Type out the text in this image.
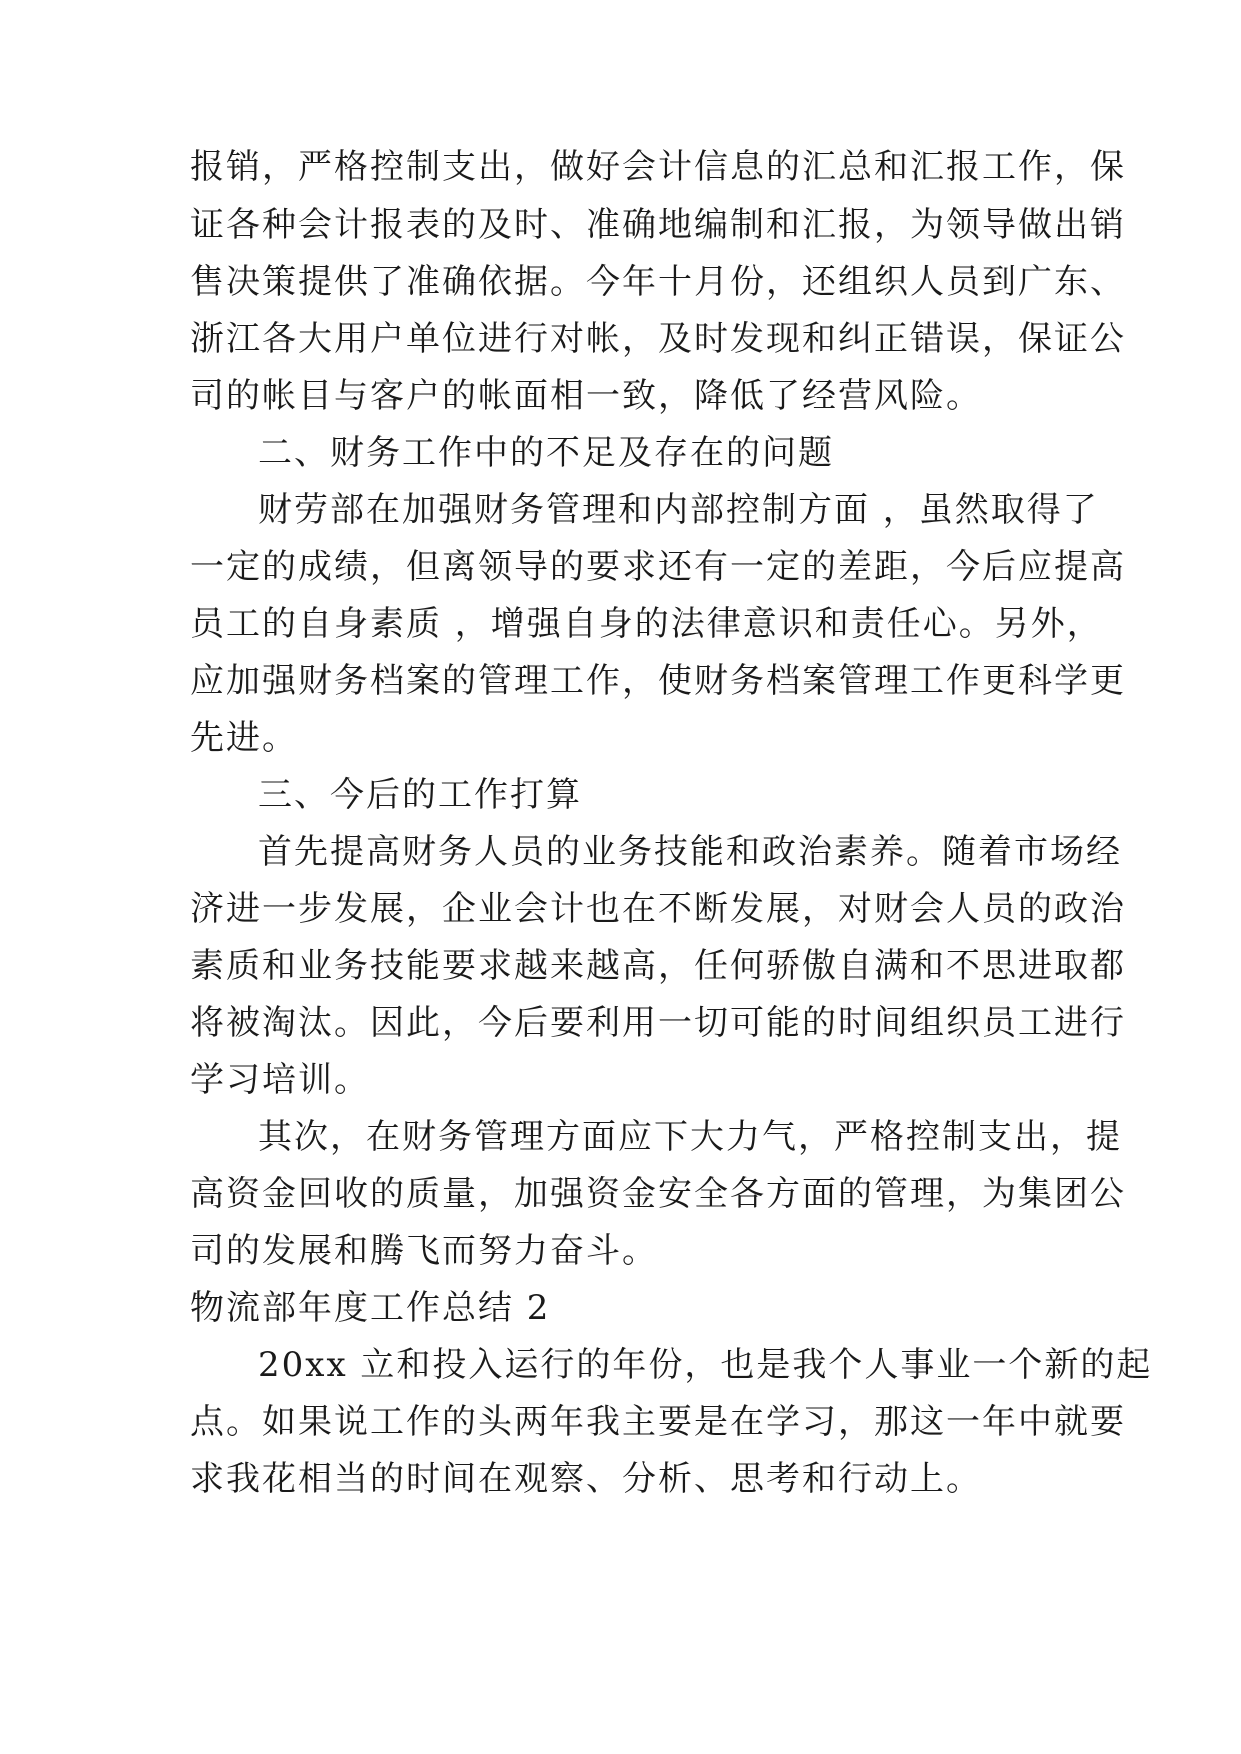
报销，严格控制支出，做好会计信息的汇总和汇报工作，保
证各种会计报表的及时、准确地编制和汇报，为领导做出销
售决策提供了准确依据。今年十月份，还组织人员到广东、
浙江各大用户单位进行对帐，及时发现和纠正错误，保证公
司的帐目与客户的帐面相一致，降低了经营风险。
二、财务工作中的不足及存在的问题
财劳部在加强财务管理和内部控制方面 ，虽然取得了
一定的成绩，但离领导的要求还有一定的差距，今后应提高
员工的自身素质 ，增强自身的法律意识和责任心。另外，
应加强财务档案的管理工作，使财务档案管理工作更科学更
先进。
三、今后的工作打算
首先提高财务人员的业务技能和政治素养。随着市场经
济进一步发展，企业会计也在不断发展，对财会人员的政治
素质和业务技能要求越来越高，任何骄傲自满和不思进取都
将被淘汰。因此，今后要利用一切可能的时间组织员工进行
学习培训。
其次，在财务管理方面应下大力气，严格控制支出，提
高资金回收的质量，加强资金安全各方面的管理，为集团公
司的发展和腾飞而努力奋斗。
物流部年度工作总结 2
20xx 立和投入运行的年份，也是我个人事业一个新的起
点。如果说工作的头两年我主要是在学习，那这一年中就要
求我花相当的时间在观察、分析、思考和行动上。
